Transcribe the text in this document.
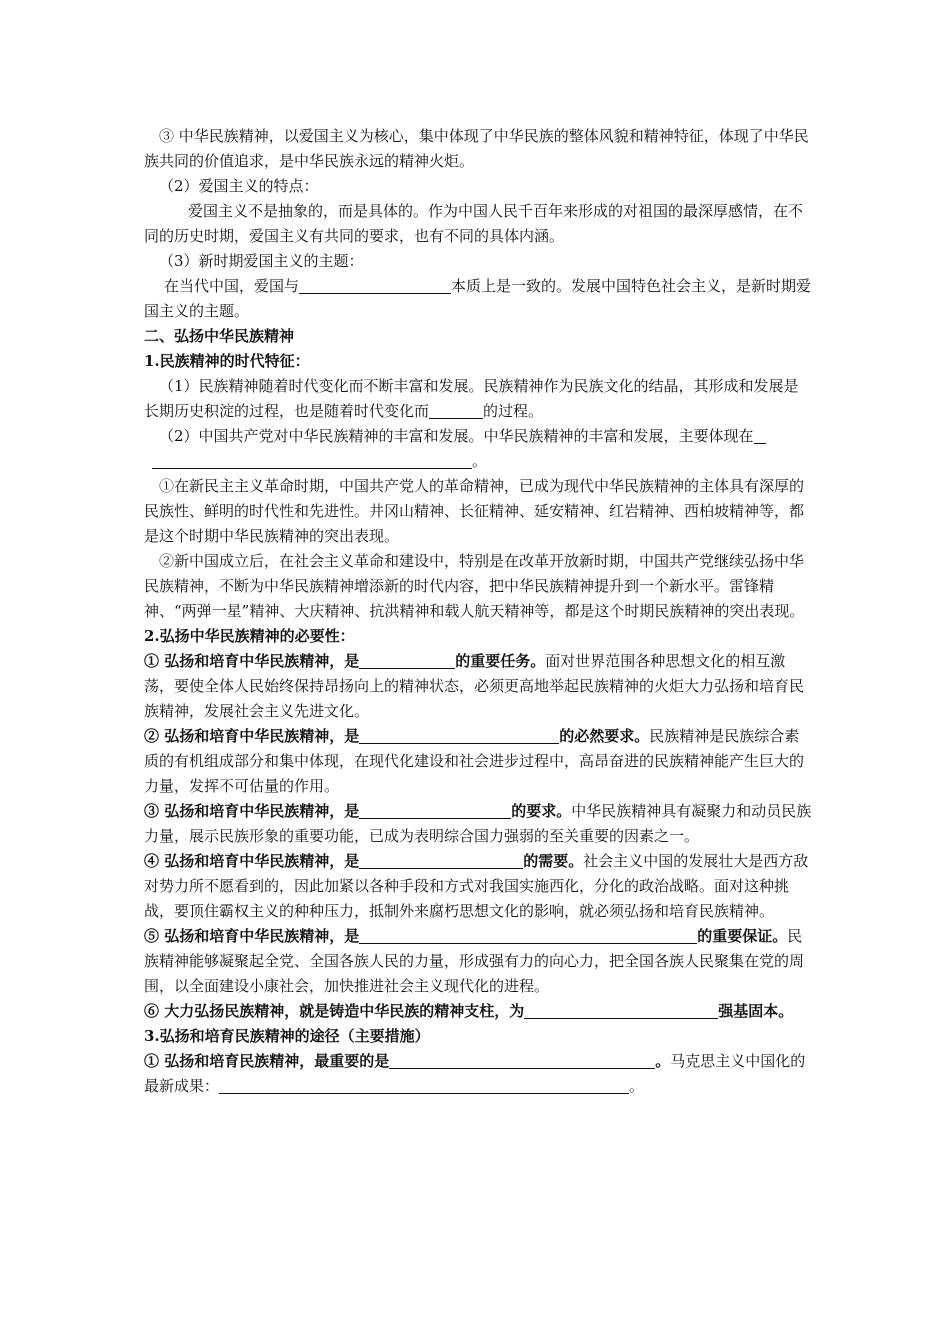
③ 中华民族精神，以爱国主义为核心，集中体现了中华民族的整体风貌和精神特征，体现了中华民族共同的价值追求，是中华民族永远的精神火炬。

（2）爱国主义的特点：

爱国主义不是抽象的，而是具体的。作为中国人民千百年来形成的对祖国的最深厚感情，在不同的历史时期，爱国主义有共同的要求，也有不同的具体内涵。

（3）新时期爱国主义的主题：

在当代中国，爱国与	本质上是一致的。发展中国特色社会主义，是新时期爱国主义的主题。

二、弘扬中华民族精神

1.民族精神的时代特征：

（1）民族精神随着时代变化而不断丰富和发展。民族精神作为民族文化的结晶，其形成和发展是长期历史积淀的过程，也是随着时代变化而	的过程。

（2）中国共产党对中华民族精神的丰富和发展。中华民族精神的丰富和发展，主要体现在

。

①在新民主主义革命时期，中国共产党人的革命精神，已成为现代中华民族精神的主体具有深厚的民族性、鲜明的时代性和先进性。井冈山精神、长征精神、延安精神、红岩精神、西柏坡精神等，都是这个时期中华民族精神的突出表现。

②新中国成立后，在社会主义革命和建设中，特别是在改革开放新时期，中国共产党继续弘扬中华民族精神，不断为中华民族精神增添新的时代内容，把中华民族精神提升到一个新水平。雷锋精神、“两弹一星”精神、大庆精神、抗洪精神和载人航天精神等，都是这个时期民族精神的突出表现。

2.弘扬中华民族精神的必要性：

① 弘扬和培育中华民族精神，是	的重要任务。面对世界范围各种思想文化的相互激荡，要使全体人民始终保持昂扬向上的精神状态，必须更高地举起民族精神的火炬大力弘扬和培育民族精神，发展社会主义先进文化。

② 弘扬和培育中华民族精神，是	的必然要求。民族精神是民族综合素质的有机组成部分和集中体现，在现代化建设和社会进步过程中，高昂奋进的民族精神能产生巨大的力量，发挥不可估量的作用。

③ 弘扬和培育中华民族精神，是	的要求。中华民族精神具有凝聚力和动员民族力量，展示民族形象的重要功能，已成为表明综合国力强弱的至关重要的因素之一。

④ 弘扬和培育中华民族精神，是	的需要。社会主义中国的发展壮大是西方敌对势力所不愿看到的，因此加紧以各种手段和方式对我国实施西化，分化的政治战略。面对这种挑战，要顶住霸权主义的种种压力，抵制外来腐朽思想文化的影响，就必须弘扬和培育民族精神。

⑤ 弘扬和培育中华民族精神，是	的重要保证。民族精神能够凝聚起全党、全国各族人民的力量，形成强有力的向心力，把全国各族人民聚集在党的周围，以全面建设小康社会，加快推进社会主义现代化的进程。

⑥ 大力弘扬民族精神，就是铸造中华民族的精神支柱，为	强基固本。

3.弘扬和培育民族精神的途径（主要措施）

① 弘扬和培育民族精神，最重要的是	。马克思主义中国化的最新成果：	。
